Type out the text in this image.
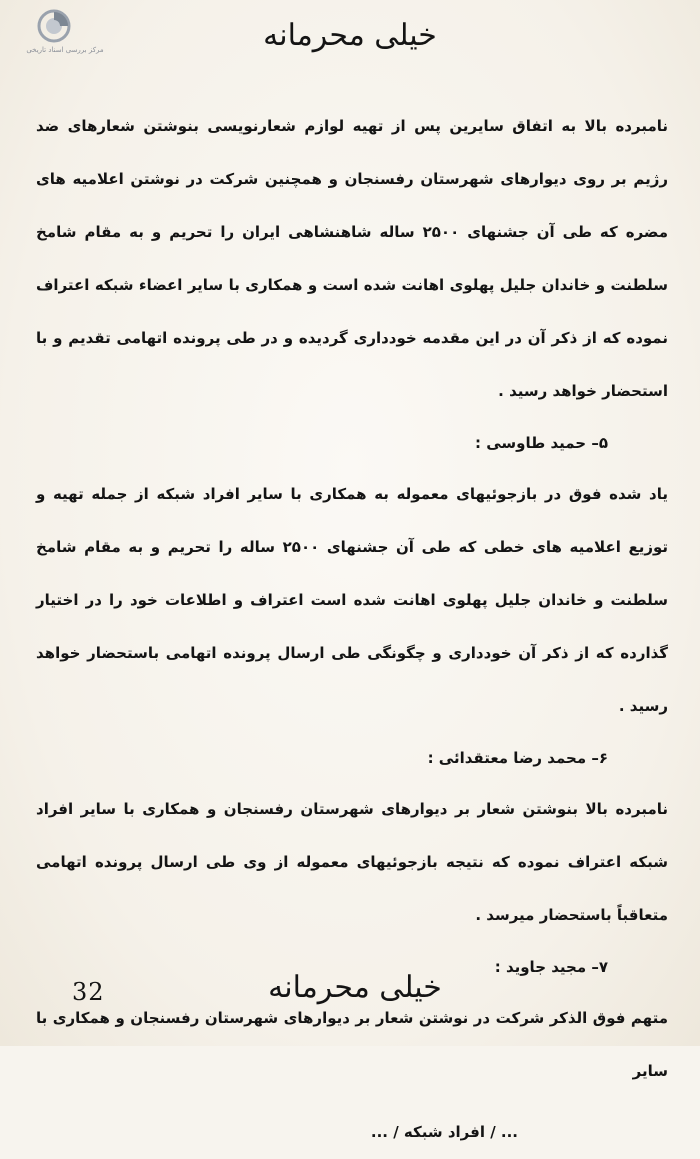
مرکز بررسی اسناد تاریخی	خیلی محرمانه

نامبرده بالا به اتفاق سایرین پس از تهیه لوازم شعارنویسی بنوشتن شعارهای ضد رژیم بر روی دیوارهای شهرستان رفسنجان و همچنین شرکت در نوشتن اعلامیه های مضره که طی آن جشنهای ۲۵۰۰ ساله شاهنشاهی ایران را تحریم و به مقام شامخ سلطنت و خاندان جلیل پهلوی اهانت شده است و همکاری با سایر اعضاء شبکه اعتراف نموده که از ذکر آن در این مقدمه خودداری گردیده و در طی پرونده اتهامی تقدیم و با استحضار خواهد رسید .

۵– حمید طاوسی :

یاد شده فوق در بازجوئیهای معموله به همکاری با سایر افراد شبکه از جمله تهیه و توزیع اعلامیه های خطی که طی آن جشنهای ۲۵۰۰ ساله را تحریم و به مقام شامخ سلطنت و خاندان جلیل پهلوی اهانت شده است اعتراف و اطلاعات خود را در اختیار گذارده که از ذکر آن خودداری و چگونگی طی ارسال پرونده اتهامی باستحضار خواهد رسید .

۶– محمد رضا معتقدائی :

نامبرده بالا بنوشتن شعار بر دیوارهای شهرستان رفسنجان و همکاری با سایر افراد شبکه اعتراف نموده که نتیجه بازجوئیهای معموله از وی طی ارسال پرونده اتهامی متعاقباً باستحضار میرسد .

۷– مجید جاوید :

متهم فوق الذکر شرکت در نوشتن شعار بر دیوارهای شهرستان رفسنجان و همکاری با سایر

... / افراد شبکه / ...

32	خیلی محرمانه
